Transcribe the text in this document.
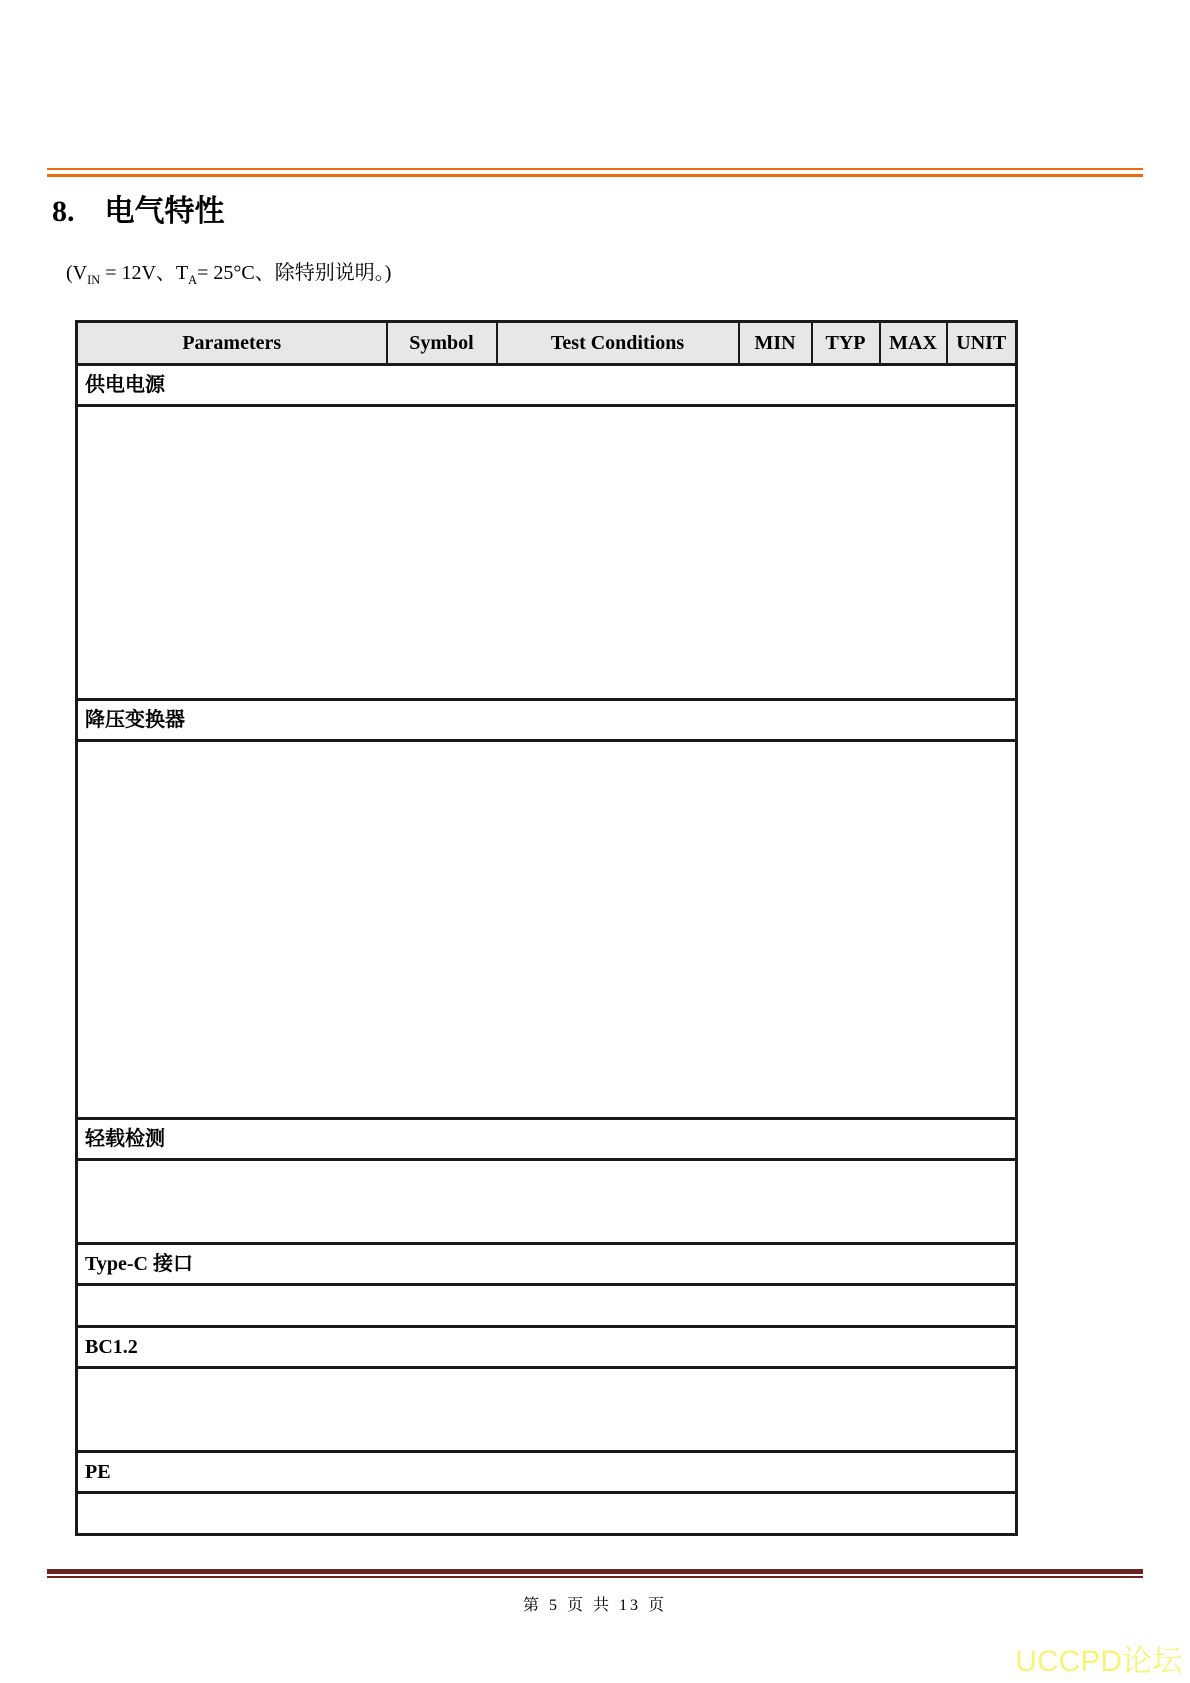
8. 电气特性
($V_{IN} = 12V$、$T_A= 25^\circ C$、除特别说明。)
Parameters	Symbol	Test Conditions	MIN	TYP	MAX	UNIT
供电电源

降压变换器

轻载检测

Type-C 接口

BC1.2

PE

第 5 页 共 13 页
UCCPD论坛
